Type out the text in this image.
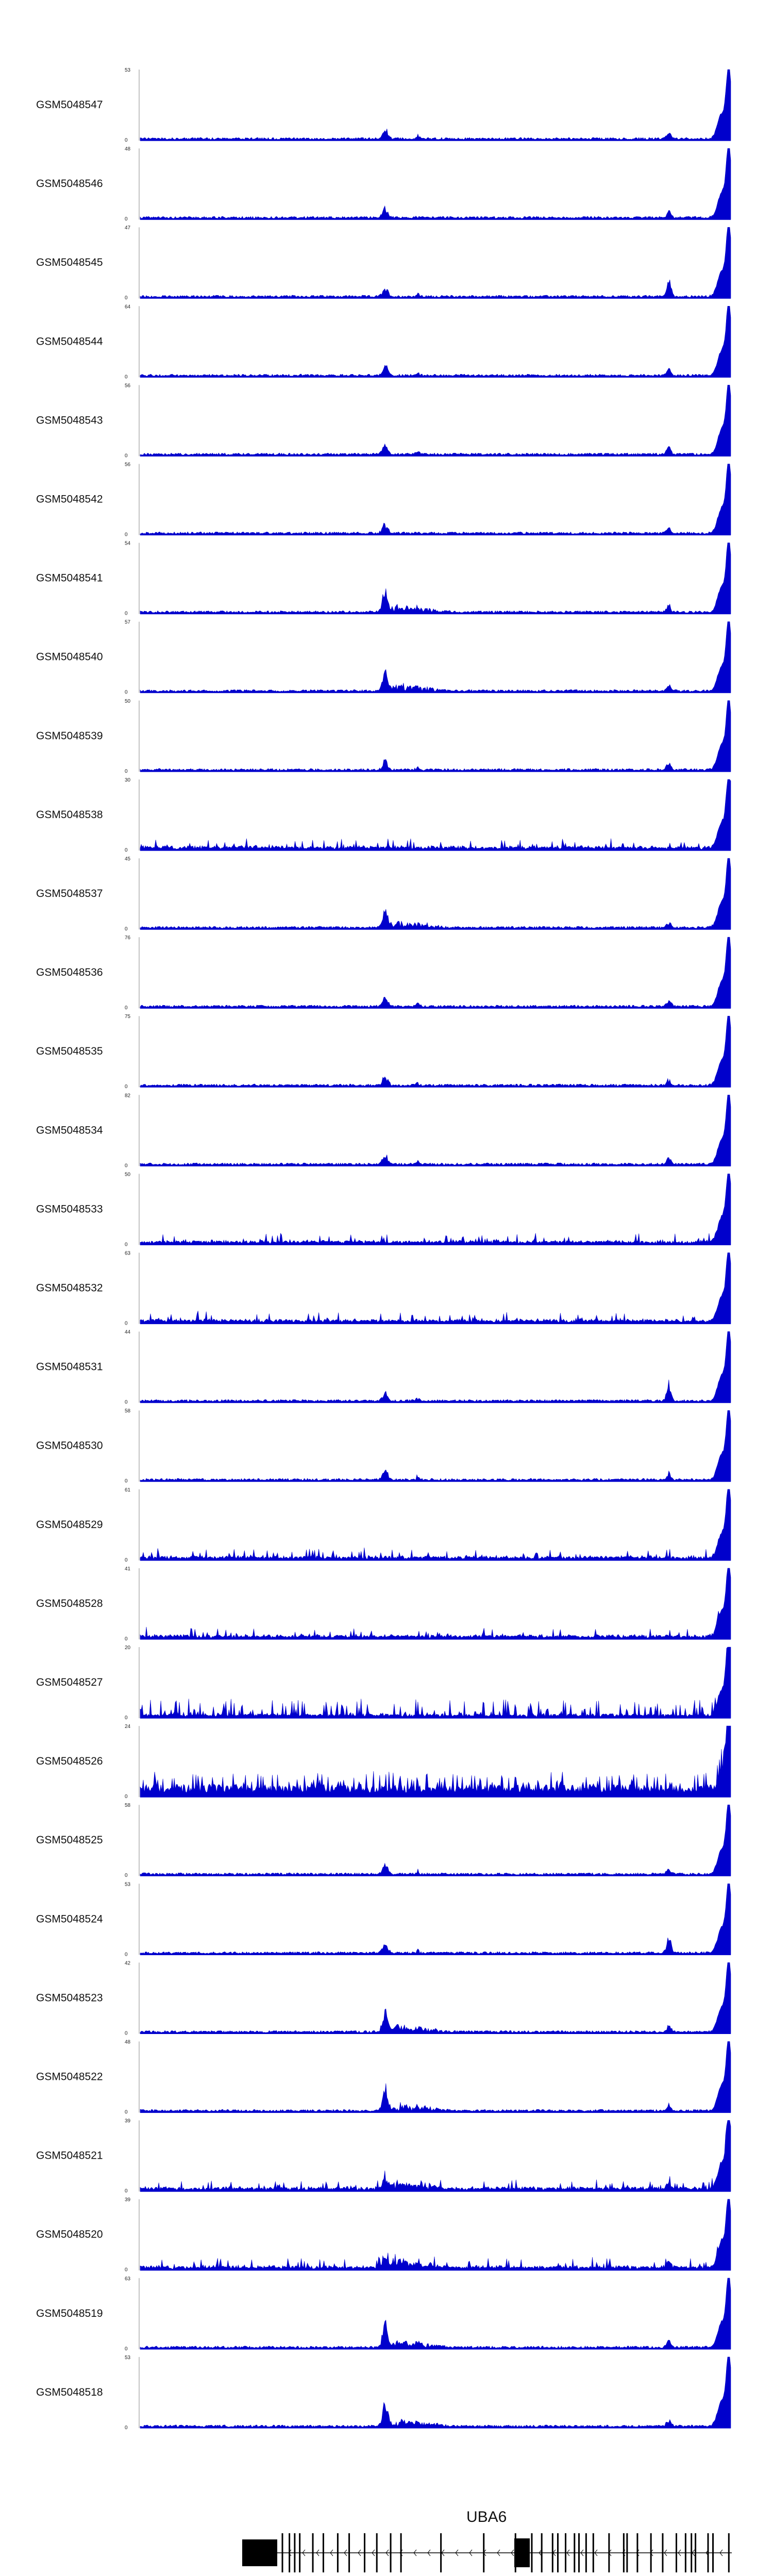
GSM5048547
53
0
GSM5048546
48
0
GSM5048545
47
0
GSM5048544
64
0
GSM5048543
56
0
GSM5048542
56
0
GSM5048541
54
0
GSM5048540
57
0
GSM5048539
50
0
GSM5048538
30
0
GSM5048537
45
0
GSM5048536
76
0
GSM5048535
75
0
GSM5048534
82
0
GSM5048533
50
0
GSM5048532
63
0
GSM5048531
44
0
GSM5048530
58
0
GSM5048529
61
0
GSM5048528
41
0
GSM5048527
20
0
GSM5048526
24
0
GSM5048525
58
0
GSM5048524
53
0
GSM5048523
42
0
GSM5048522
48
0
GSM5048521
39
0
GSM5048520
39
0
GSM5048519
63
0
GSM5048518
53
0
UBA6
